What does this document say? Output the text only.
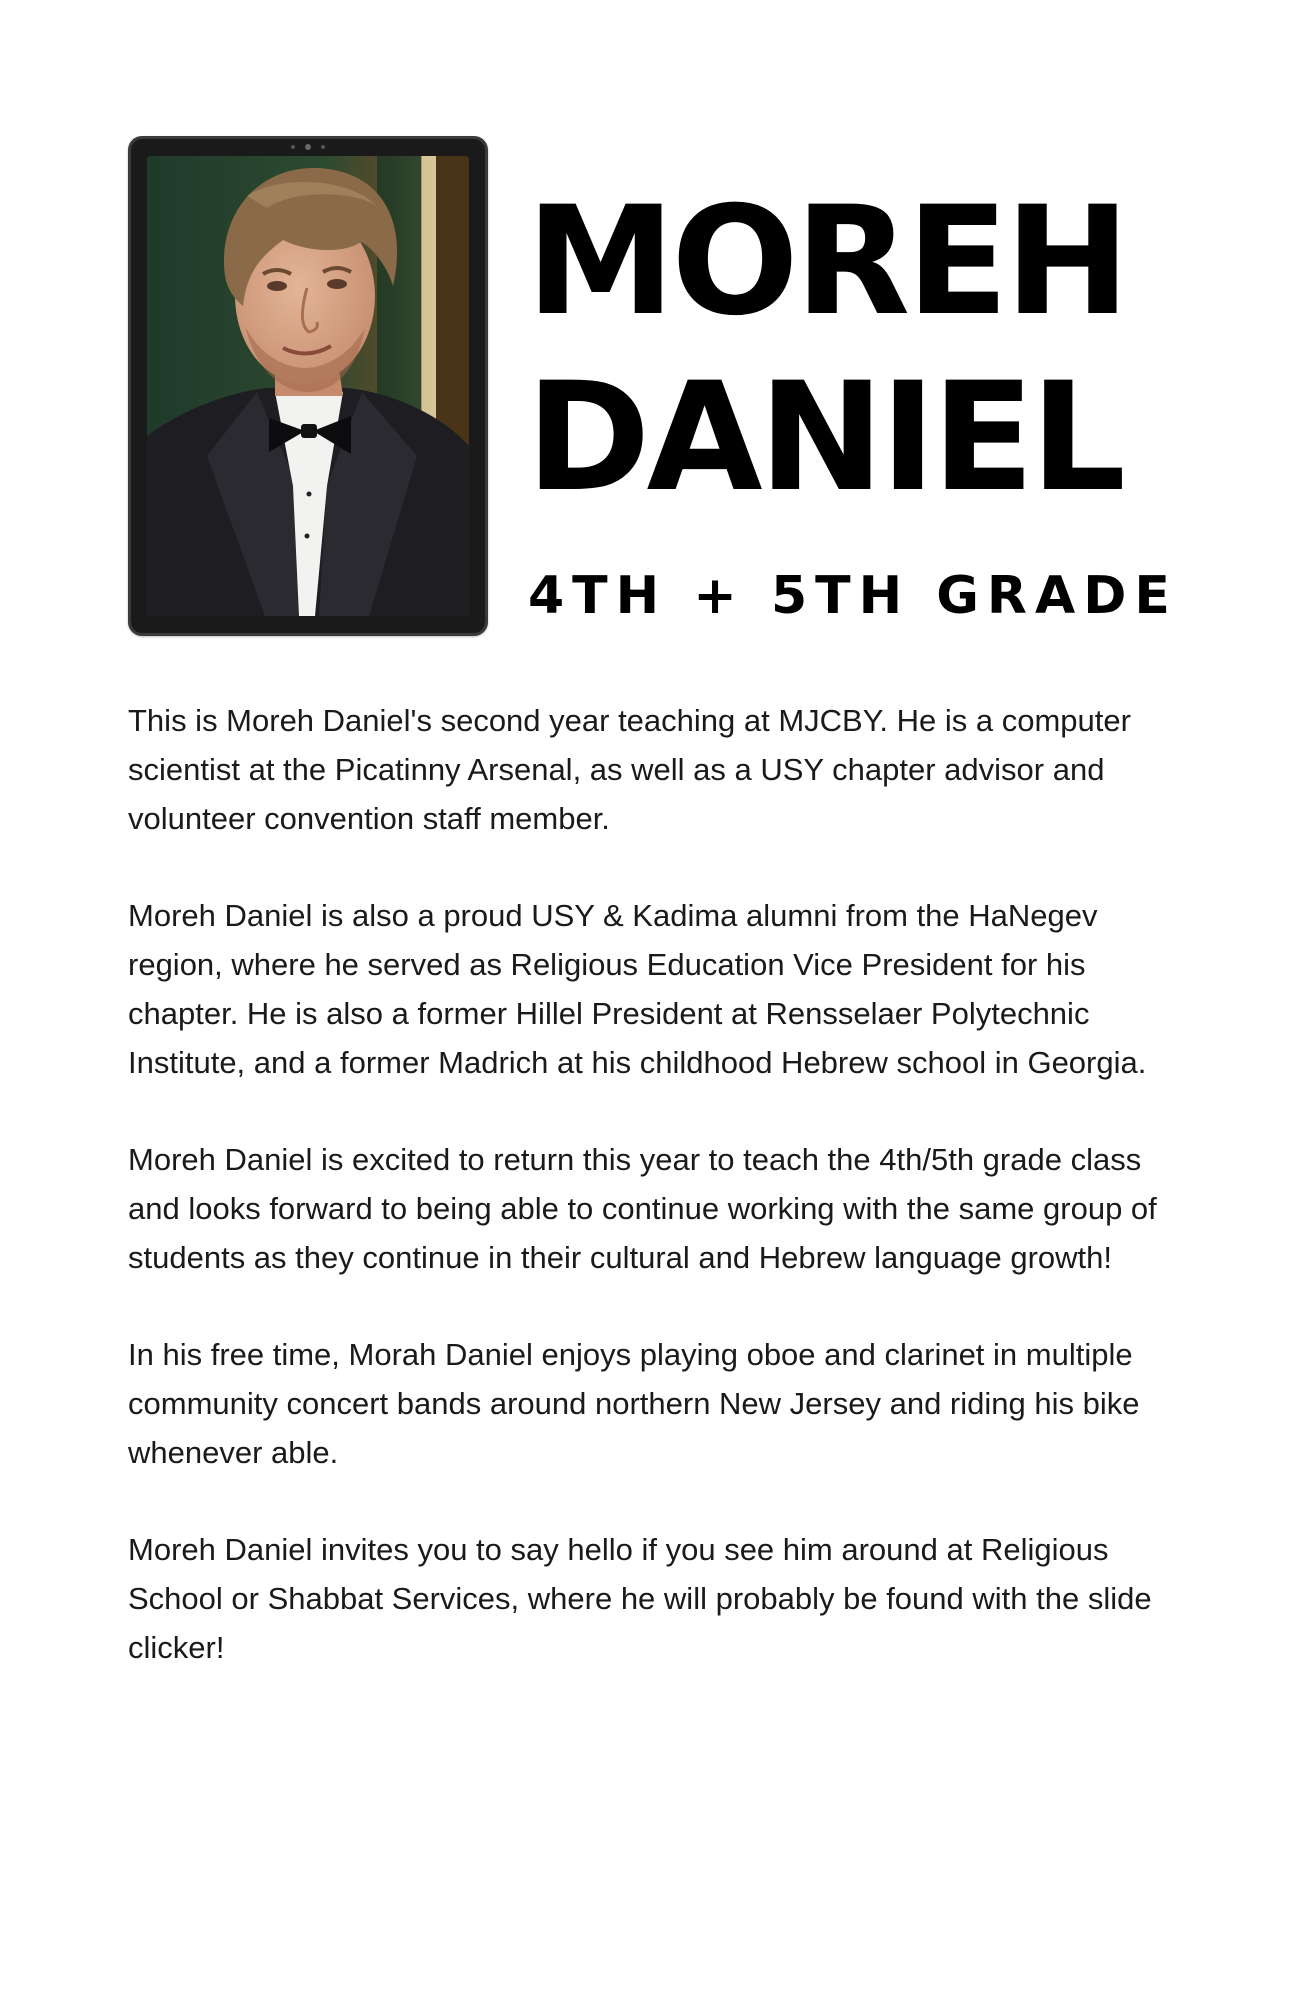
MOREH
DANIEL
4TH + 5TH GRADE

This is Moreh Daniel's second year teaching at MJCBY. He is a computer scientist at the Picatinny Arsenal, as well as a USY chapter advisor and volunteer convention staff member.

Moreh Daniel is also a proud USY & Kadima alumni from the HaNegev region, where he served as Religious Education Vice President for his chapter. He is also a former Hillel President at Rensselaer Polytechnic Institute, and a former Madrich at his childhood Hebrew school in Georgia.

Moreh Daniel is excited to return this year to teach the 4th/5th grade class and looks forward to being able to continue working with the same group of students as they continue in their cultural and Hebrew language growth!

In his free time, Morah Daniel enjoys playing oboe and clarinet in multiple community concert bands around northern New Jersey and riding his bike whenever able.

Moreh Daniel invites you to say hello if you see him around at Religious School or Shabbat Services, where he will probably be found with the slide clicker!
